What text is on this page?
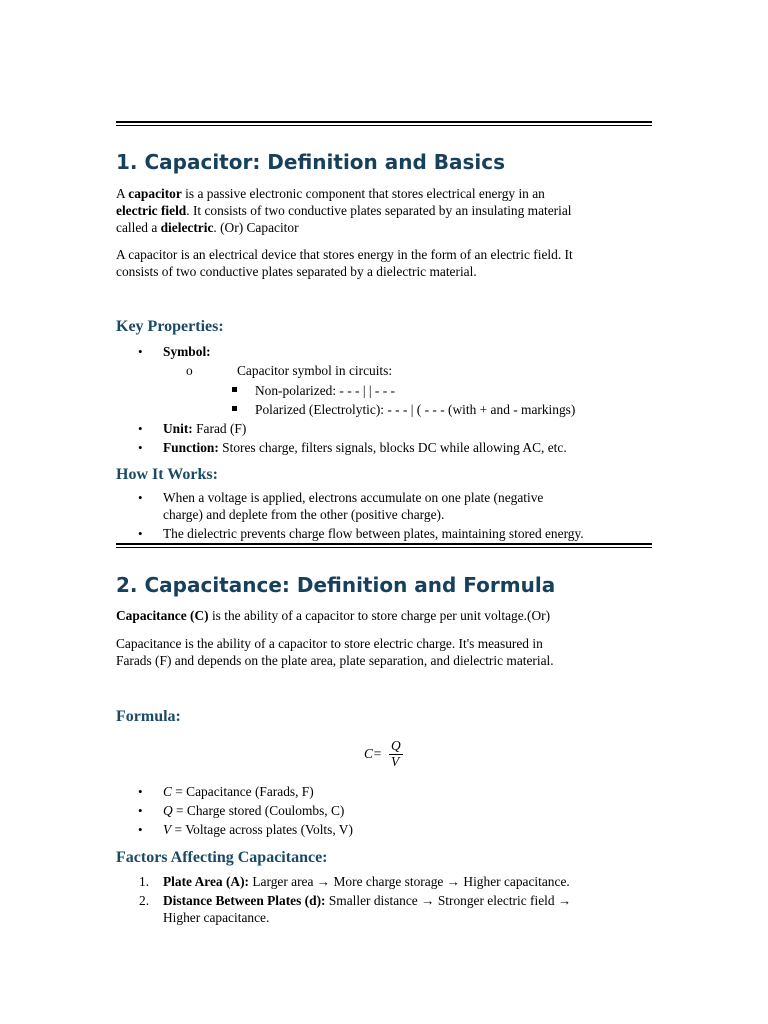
1. Capacitor: Definition and Basics
A capacitor is a passive electronic component that stores electrical energy in an
electric field. It consists of two conductive plates separated by an insulating material
called a dielectric. (Or) Capacitor
A capacitor is an electrical device that stores energy in the form of an electric field. It
consists of two conductive plates separated by a dielectric material.
Key Properties:
• Symbol:
o	Capacitor symbol in circuits:
Non-polarized: - - - | | - - -
Polarized (Electrolytic): - - - | ( - - - (with + and - markings)
• Unit: Farad (F)
• Function: Stores charge, filters signals, blocks DC while allowing AC, etc.
How It Works:
• When a voltage is applied, electrons accumulate on one plate (negative
charge) and deplete from the other (positive charge).
• The dielectric prevents charge flow between plates, maintaining stored energy.
2. Capacitance: Definition and Formula
Capacitance (C) is the ability of a capacitor to store charge per unit voltage.(Or)
Capacitance is the ability of a capacitor to store electric charge. It's measured in
Farads (F) and depends on the plate area, plate separation, and dielectric material.
Formula:
C=
Q
V
• C = Capacitance (Farads, F)
• Q = Charge stored (Coulombs, C)
• V = Voltage across plates (Volts, V)
Factors Affecting Capacitance:
1. Plate Area (A): Larger area → More charge storage → Higher capacitance.
2. Distance Between Plates (d): Smaller distance → Stronger electric field →
Higher capacitance.
